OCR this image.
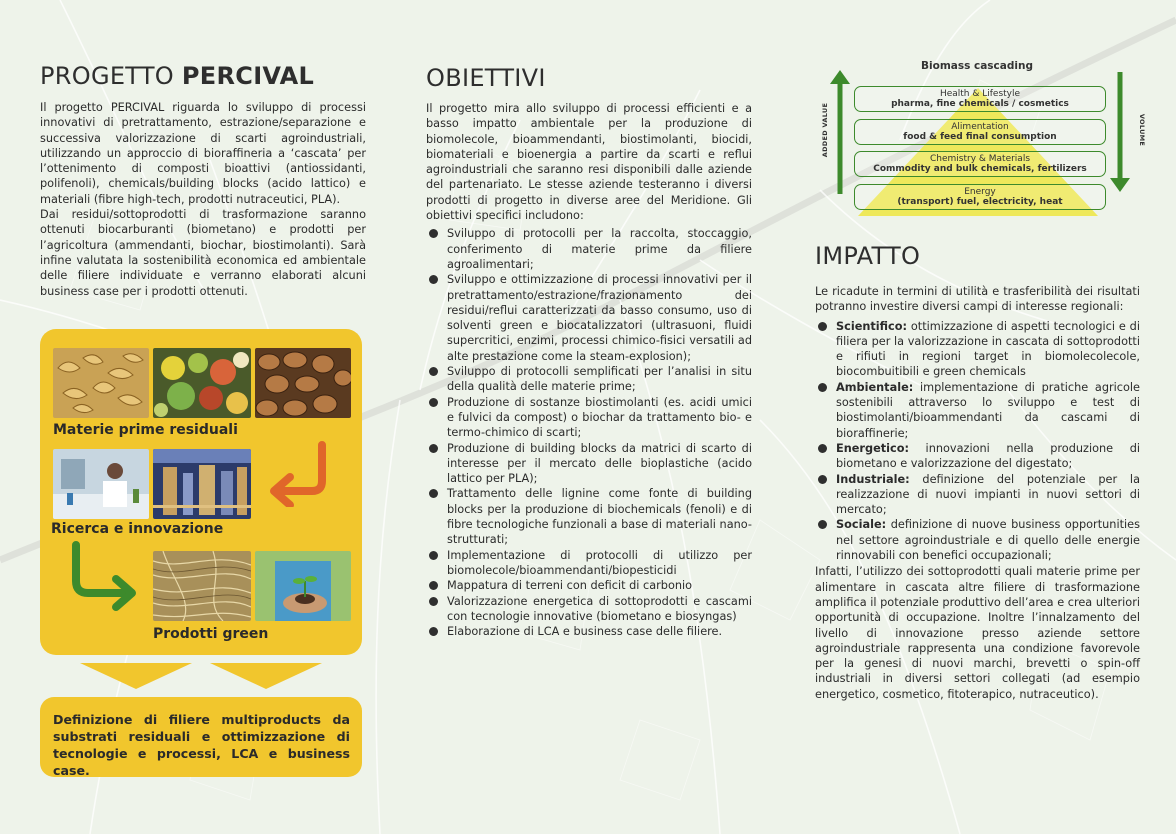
PROGETTO PERCIVAL

Il progetto PERCIVAL riguarda lo sviluppo di processi innovativi di pretrattamento, estrazione/separazione e successiva valorizzazione di scarti agroindustriali, utilizzando un approccio di bioraffineria a ‘cascata’ per l’ottenimento di composti bioattivi (antiossidanti, polifenoli), chemicals/building blocks (acido lattico) e materiali (fibre high-tech, prodotti nutraceutici, PLA).

Dai residui/sottoprodotti di trasformazione saranno ottenuti biocarburanti (biometano) e prodotti per l’agricoltura (ammendanti, biochar, biostimolanti). Sarà infine valutata la sostenibilità economica ed ambientale delle filiere individuate e verranno elaborati alcuni business case per i prodotti ottenuti.

Materie prime residuali
Ricerca e innovazione
Prodotti green
Definizione di filiere multiproducts da substrati residuali e ottimizzazione di tecnologie e processi, LCA e business case.
OBIETTIVI

Il progetto mira allo sviluppo di processi efficienti e a basso impatto ambientale per la produzione di biomolecole, bioammendanti, biostimolanti, biocidi, biomateriali e bioenergia a partire da scarti e reflui agroindustriali che saranno resi disponibili dalle aziende del partenariato. Le stesse aziende testeranno i diversi prodotti di progetto in diverse aree del Meridione. Gli obiettivi specifici includono:

Sviluppo di protocolli per la raccolta, stoccaggio, conferimento di materie prime da filiere agroalimentari;
Sviluppo e ottimizzazione di processi innovativi per il pretrattamento/estrazione/frazionamento dei residui/reflui caratterizzati da basso consumo, uso di solventi green e biocatalizzatori (ultrasuoni, fluidi supercritici, enzimi, processi chimico-fisici versatili ad alte prestazione come la steam-explosion);
Sviluppo di protocolli semplificati per l’analisi in situ della qualità delle materie prime;
Produzione di sostanze biostimolanti (es. acidi umici e fulvici da compost) o biochar da trattamento bio- e termo-chimico di scarti;
Produzione di building blocks da matrici di scarto di interesse per il mercato delle bioplastiche (acido lattico per PLA);
Trattamento delle lignine come fonte di building blocks per la produzione di biochemicals (fenoli) e di fibre tecnologiche funzionali a base di materiali nano-strutturati;
Implementazione di protocolli di utilizzo per biomolecole/bioammendanti/biopesticidi
Mappatura di terreni con deficit di carbonio
Valorizzazione energetica di sottoprodotti e cascami con tecnologie innovative (biometano e biosyngas)
Elaborazione di LCA e business case delle filiere.
Biomass cascading
ADDED VALUE	VOLUME
Health & Lifestyle
pharma, fine chemicals / cosmetics
Alimentation
food & feed final consumption
Chemistry & Materials
Commodity and bulk chemicals, fertilizers
Energy
(transport) fuel, electricity, heat
IMPATTO

Le ricadute in termini di utilità e trasferibilità dei risultati potranno investire diversi campi di interesse regionali:

Scientifico: ottimizzazione di aspetti tecnologici e di filiera per la valorizzazione in cascata di sottoprodotti e rifiuti in regioni target in biomolecolecole, biocombuitibili e green chemicals
Ambientale: implementazione di pratiche agricole sostenibili attraverso lo sviluppo e test di biostimolanti/bioammendanti da cascami di bioraffinerie;
Energetico: innovazioni nella produzione di biometano e valorizzazione del digestato;
Industriale: definizione del potenziale per la realizzazione di nuovi impianti in nuovi settori di mercato;
Sociale: definizione di nuove business opportunities nel settore agroindustriale e di quello delle energie rinnovabili con benefici occupazionali;

Infatti, l’utilizzo dei sottoprodotti quali materie prime per alimentare in cascata altre filiere di trasformazione amplifica il potenziale produttivo dell’area e crea ulteriori opportunità di occupazione. Inoltre l’innalzamento del livello di innovazione presso aziende settore agroindustriale rappresenta una condizione favorevole per la genesi di nuovi marchi, brevetti o spin-off industriali in diversi settori collegati (ad esempio energetico, cosmetico, fitoterapico, nutraceutico).
